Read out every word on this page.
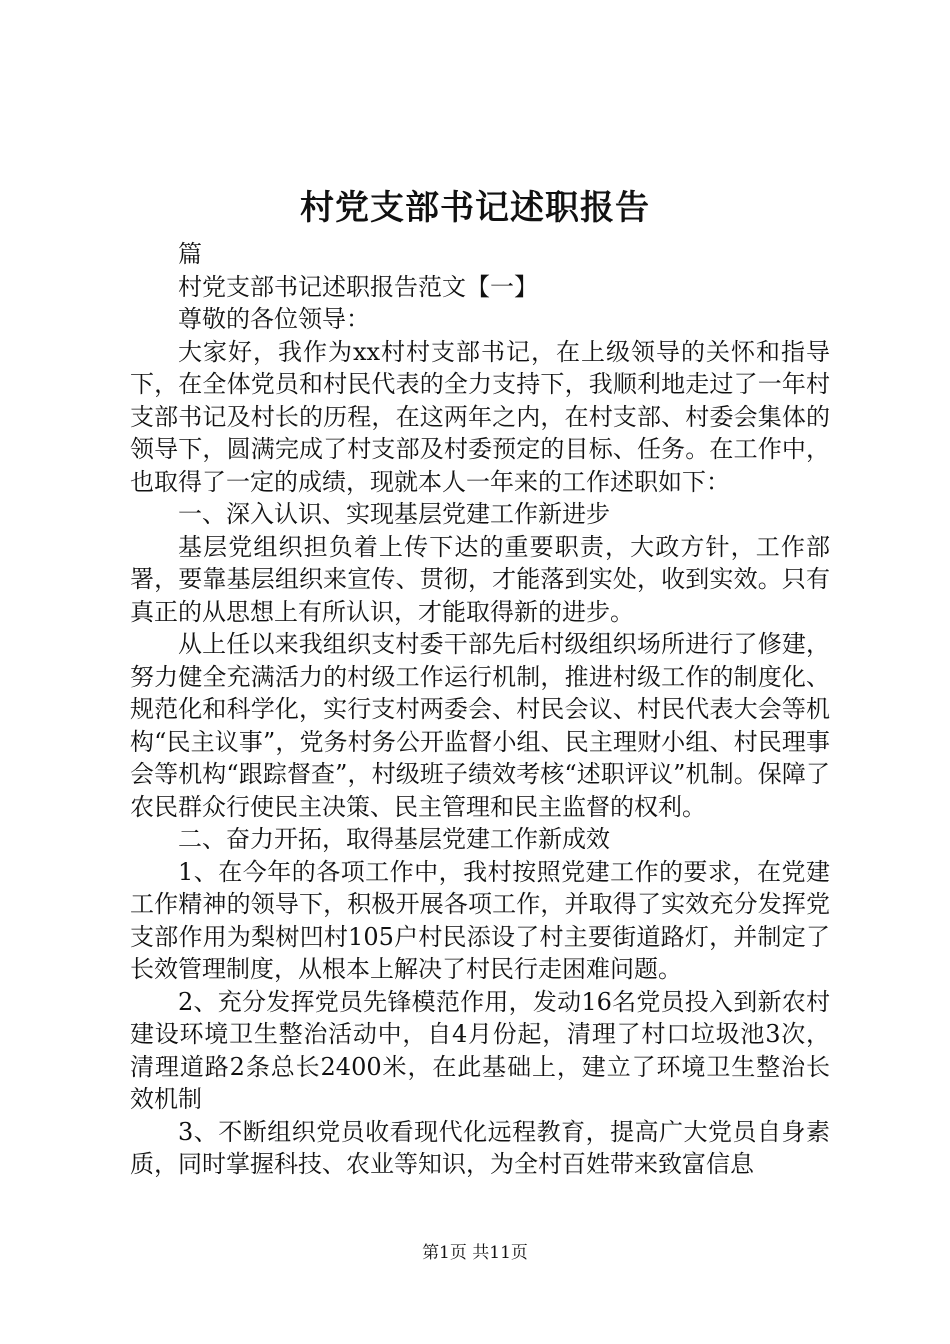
村党支部书记述职报告

篇

村党支部书记述职报告范文【一】

尊敬的各位领导：

大家好，我作为xx村村支部书记，在上级领导的关怀和指导下，在全体党员和村民代表的全力支持下，我顺利地走过了一年村支部书记及村长的历程，在这两年之内，在村支部、村委会集体的领导下，圆满完成了村支部及村委预定的目标、任务。在工作中，也取得了一定的成绩，现就本人一年来的工作述职如下：

一、深入认识、实现基层党建工作新进步

基层党组织担负着上传下达的重要职责，大政方针，工作部署，要靠基层组织来宣传、贯彻，才能落到实处，收到实效。只有真正的从思想上有所认识，才能取得新的进步。

从上任以来我组织支村委干部先后村级组织场所进行了修建，努力健全充满活力的村级工作运行机制，推进村级工作的制度化、规范化和科学化，实行支村两委会、村民会议、村民代表大会等机构“民主议事”，党务村务公开监督小组、民主理财小组、村民理事会等机构“跟踪督查”，村级班子绩效考核“述职评议”机制。保障了农民群众行使民主决策、民主管理和民主监督的权利。

二、奋力开拓，取得基层党建工作新成效

1、在今年的各项工作中，我村按照党建工作的要求，在党建工作精神的领导下，积极开展各项工作，并取得了实效充分发挥党支部作用为梨树凹村105户村民添设了村主要街道路灯，并制定了长效管理制度，从根本上解决了村民行走困难问题。

2、充分发挥党员先锋模范作用，发动16名党员投入到新农村建设环境卫生整治活动中，自4月份起，清理了村口垃圾池3次，清理道路2条总长2400米，在此基础上，建立了环境卫生整治长效机制

3、不断组织党员收看现代化远程教育，提高广大党员自身素质，同时掌握科技、农业等知识，为全村百姓带来致富信息

第1页 共11页
